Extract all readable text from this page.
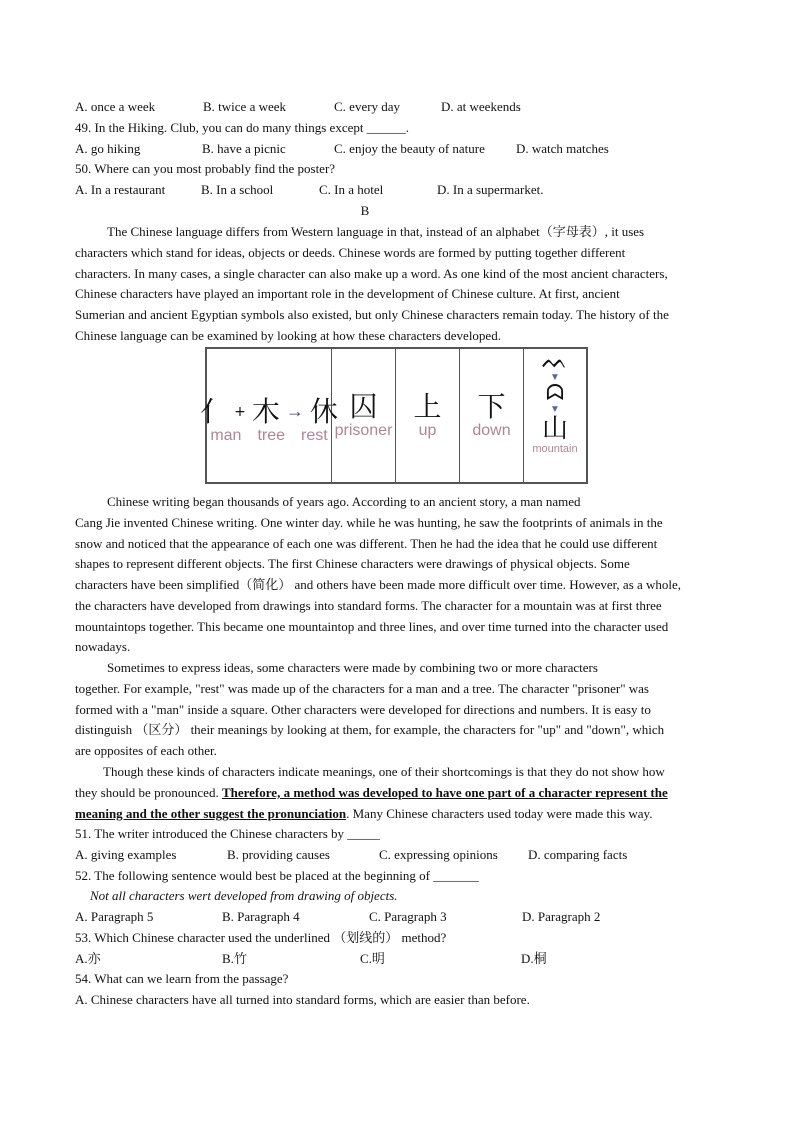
A. once a week	B. twice a week	C. every day	D. at weekends
49. In the Hiking. Club, you can do many things except ______.
A. go hiking	B. have a picnic	C. enjoy the beauty of nature D. watch matches
50. Where can you most probably find the poster?
A. In a restaurant	B. In a school	C. In a hotel	D. In a supermarket.
B
The Chinese language differs from Western language in that, instead of an alphabet（字母表）, it uses
characters which stand for ideas, objects or deeds. Chinese words are formed by putting together different
characters. In many cases, a single character can also make up a word. As one kind of the most ancient characters,
Chinese characters have played an important role in the development of Chinese culture. At first, ancient
Sumerian and ancient Egyptian symbols also existed, but only Chinese characters remain today. The history of the
Chinese language can be examined by looking at how these characters developed.
亻 + 木 → 休
man tree rest
囚
prisoner
上
up
下
down
ᨓ
▼
ᗣ
▼
山
mountain
Chinese writing began thousands of years ago. According to an ancient story, a man named
Cang Jie invented Chinese writing. One winter day. while he was hunting, he saw the footprints of animals in the
snow and noticed that the appearance of each one was different. Then he had the idea that he could use different
shapes to represent different objects. The first Chinese characters were drawings of physical objects. Some
characters have been simplified（简化） and others have been made more difficult over time. However, as a whole,
the characters have developed from drawings into standard forms. The character for a mountain was at first three
mountaintops together. This became one mountaintop and three lines, and over time turned into the character used
nowadays.
Sometimes to express ideas, some characters were made by combining two or more characters
together. For example, "rest" was made up of the characters for a man and a tree. The character "prisoner" was
formed with a "man" inside a square. Other characters were developed for directions and numbers. It is easy to
distinguish （区分） their meanings by looking at them, for example, the characters for "up" and "down", which
are opposites of each other.
Though these kinds of characters indicate meanings, one of their shortcomings is that they do not show how
they should be pronounced. Therefore, a method was developed to have one part of a character represent the
meaning and the other suggest the pronunciation. Many Chinese characters used today were made this way.
51. The writer introduced the Chinese characters by _____
A. giving examples	B. providing causes	C. expressing opinions D. comparing facts
52. The following sentence would best be placed at the beginning of _______
Not all characters wert developed from drawing of objects.
A. Paragraph 5	B. Paragraph 4	C. Paragraph 3	D. Paragraph 2
53. Which Chinese character used the underlined （划线的） method?
A.亦	B.竹	C.明	D.桐
54. What can we learn from the passage?
A. Chinese characters have all turned into standard forms, which are easier than before.
